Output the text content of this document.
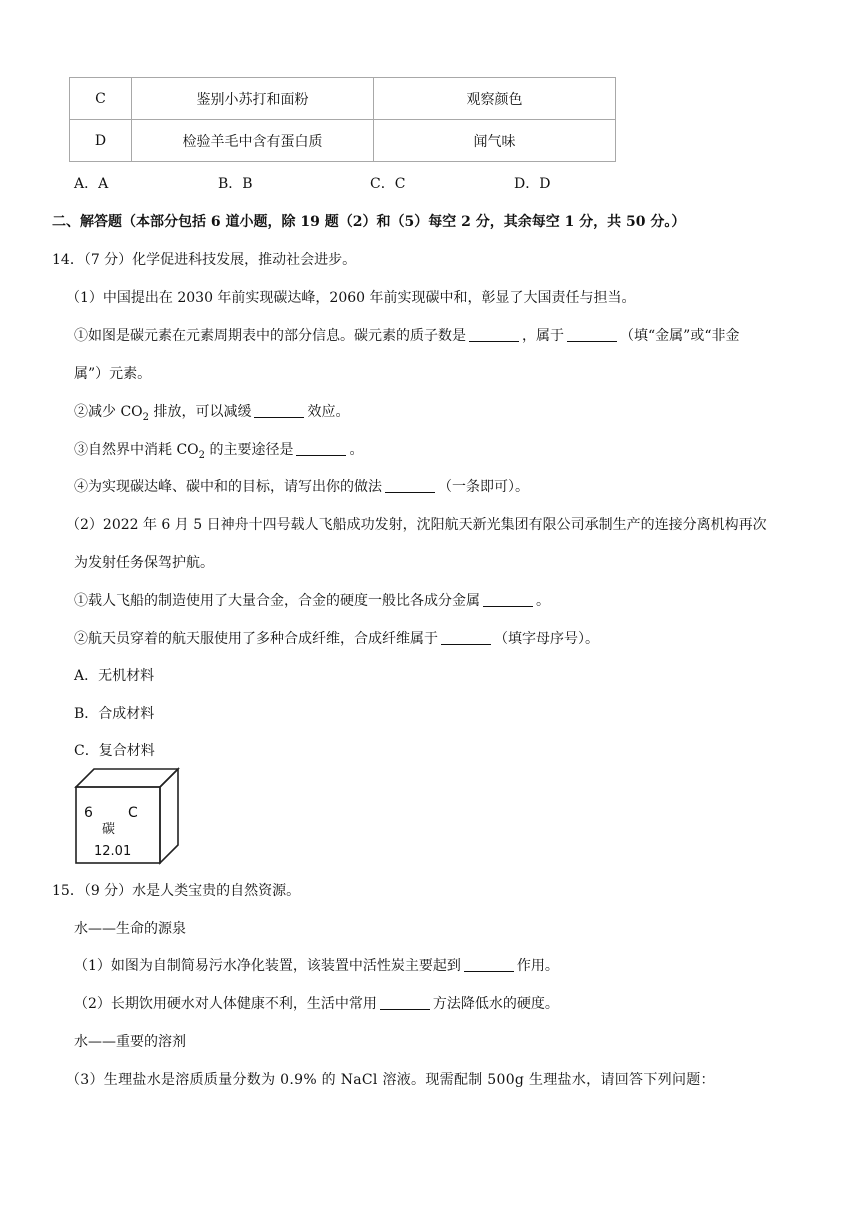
C	鉴别小苏打和面粉	观察颜色
D	检验羊毛中含有蛋白质	闻气味
A．A	B．B	C．C	D．D
二、解答题（本部分包括 6 道小题，除 19 题（2）和（5）每空 2 分，其余每空 1 分，共 50 分。）
14．（7 分）化学促进科技发展，推动社会进步。
（1）中国提出在 2030 年前实现碳达峰，2060 年前实现碳中和，彰显了大国责任与担当。
①如图是碳元素在元素周期表中的部分信息。碳元素的质子数是	，属于	（填“金属”或“非金
属”）元素。
②减少 $CO_2$ 排放，可以减缓	效应。
③自然界中消耗 $CO_2$ 的主要途径是	。
④为实现碳达峰、碳中和的目标，请写出你的做法	（一条即可）。
（2）2022 年 6 月 5 日神舟十四号载人飞船成功发射，沈阳航天新光集团有限公司承制生产的连接分离机构再次
为发射任务保驾护航。
①载人飞船的制造使用了大量合金，合金的硬度一般比各成分金属	。
②航天员穿着的航天服使用了多种合成纤维，合成纤维属于	（填字母序号）。
A．无机材料
B．合成材料
C．复合材料
6	C
碳
12.01
15．（9 分）水是人类宝贵的自然资源。
水——生命的源泉
（1）如图为自制简易污水净化装置，该装置中活性炭主要起到	作用。
（2）长期饮用硬水对人体健康不利，生活中常用	方法降低水的硬度。
水——重要的溶剂
（3）生理盐水是溶质质量分数为 0.9% 的 NaCl 溶液。现需配制 500g 生理盐水，请回答下列问题：
